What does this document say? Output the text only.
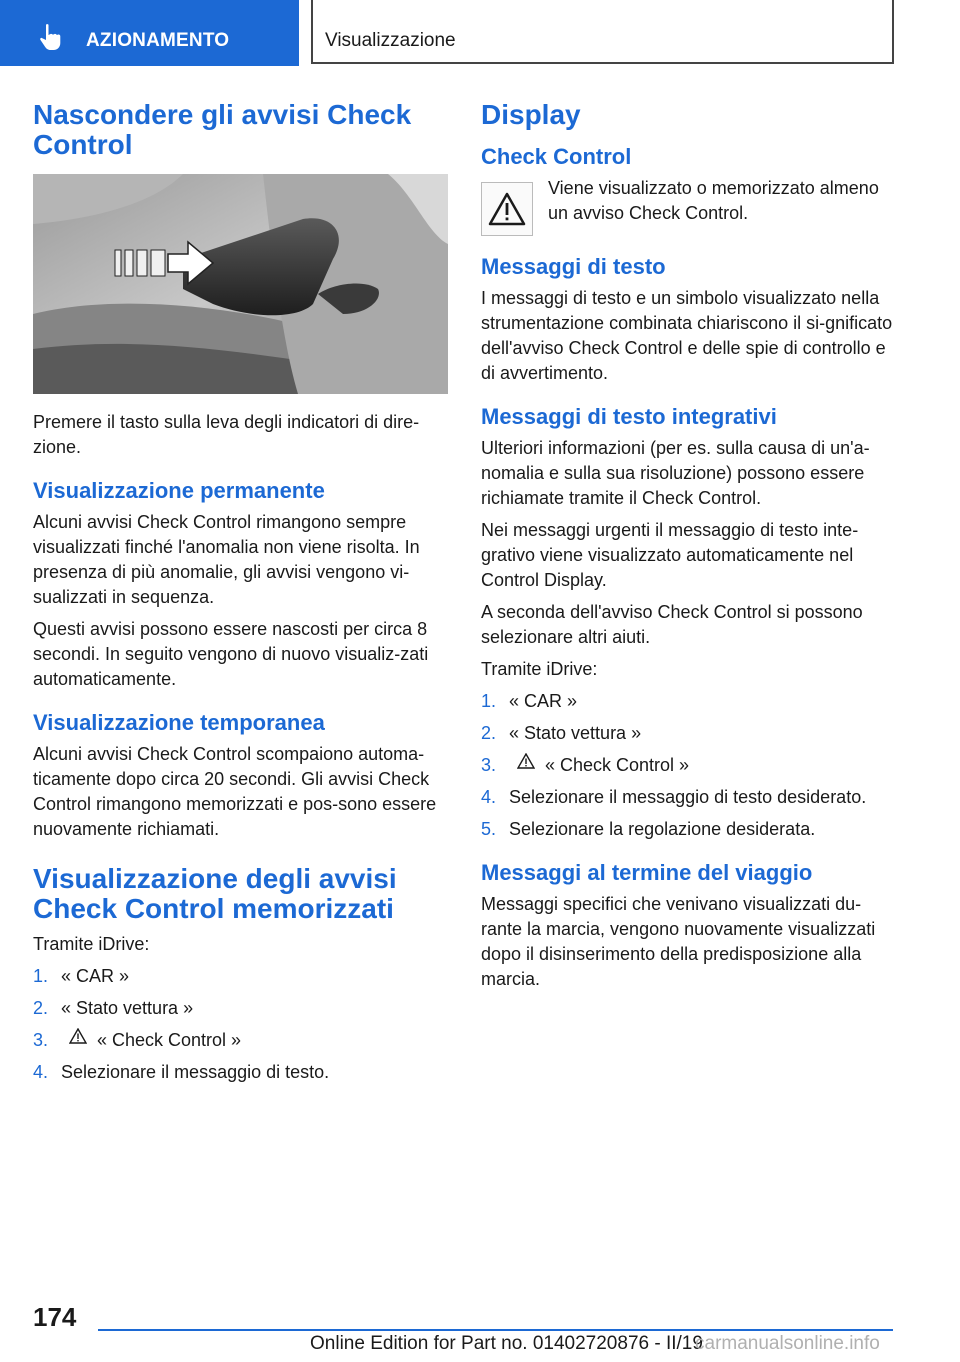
AZIONAMENTO	Visualizzazione
Nascondere gli avvisi Check Control

Premere il tasto sulla leva degli indicatori di dire-zione.

Visualizzazione permanente

Alcuni avvisi Check Control rimangono sempre visualizzati finché l'anomalia non viene risolta. In presenza di più anomalie, gli avvisi vengono vi-sualizzati in sequenza.

Questi avvisi possono essere nascosti per circa 8 secondi. In seguito vengono di nuovo visualiz-zati automaticamente.

Visualizzazione temporanea

Alcuni avvisi Check Control scompaiono automa-ticamente dopo circa 20 secondi. Gli avvisi Check Control rimangono memorizzati e pos-sono essere nuovamente richiamati.

Visualizzazione degli avvisi Check Control memorizzati

Tramite iDrive:

1. « CAR »
2. « Stato vettura »
3.	« Check Control »
4. Selezionare il messaggio di testo.
Display
Check Control

Viene visualizzato o memorizzato almeno un avviso Check Control.

Messaggi di testo

I messaggi di testo e un simbolo visualizzato nella strumentazione combinata chiariscono il si-gnificato dell'avviso Check Control e delle spie di controllo e di avvertimento.

Messaggi di testo integrativi

Ulteriori informazioni (per es. sulla causa di un'a-nomalia e sulla sua risoluzione) possono essere richiamate tramite il Check Control.

Nei messaggi urgenti il messaggio di testo inte-grativo viene visualizzato automaticamente nel Control Display.

A seconda dell'avviso Check Control si possono selezionare altri aiuti.

Tramite iDrive:

1. « CAR »
2. « Stato vettura »
3.	« Check Control »
4. Selezionare il messaggio di testo desiderato.
5. Selezionare la regolazione desiderata.
Messaggi al termine del viaggio

Messaggi specifici che venivano visualizzati du-rante la marcia, vengono nuovamente visualizzati dopo il disinserimento della predisposizione alla marcia.

174
Online Edition for Part no. 01402720876 - II/19
carmanualsonline.info
